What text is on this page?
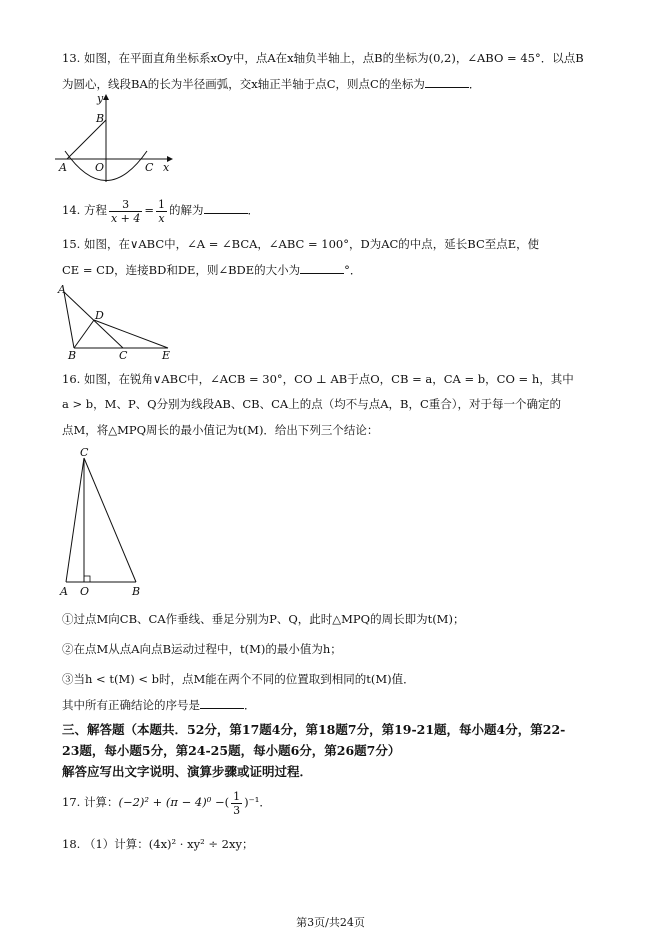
13. 如图，在平面直角坐标系xOy中，点A在x轴负半轴上，点B的坐标为(0,2)，∠ABO = 45°．以点B
为圆心，线段BA的长为半径画弧，交x轴正半轴于点C，则点C的坐标为	．
y
B
A	O	C x
14. 方程 $\frac{3}{x + 4} = \frac{1}{x}$ 的解为	．
15. 如图，在∨ABC中，∠A = ∠BCA，∠ABC = 100°，D为AC的中点，延长BC至点E，使
CE = CD，连接BD和DE，则∠BDE的大小为	°．
A
D
B	C	E
16. 如图，在锐角∨ABC中，∠ACB = 30°，CO ⊥ AB于点O，CB = a，CA = b，CO = h，其中
a > b，M、P、Q分别为线段AB、CB、CA上的点（均不与点A，B，C重合），对于每一个确定的
点M，将△MPQ周长的最小值记为t(M)．给出下列三个结论：
C
A O	B
①过点M向CB、CA作垂线、垂足分别为P、Q，此时△MPQ的周长即为t(M)；
②在点M从点A向点B运动过程中，t(M)的最小值为h；
③当h < t(M) < b时，点M能在两个不同的位置取到相同的t(M)值．
其中所有正确结论的序号是	．
三、解答题（本题共．52分，第17题4分，第18题7分，第19-21题，每小题4分，第22-
23题，每小题5分，第24-25题，每小题6分，第26题7分）
解答应写出文字说明、演算步骤或证明过程．
17. 计算：(−2)² + (π − 4)⁰ −( $\frac{1}{3} )^{-1}$．
18. （1）计算：(4x)² · xy² ÷ 2xy；
第3页/共24页
